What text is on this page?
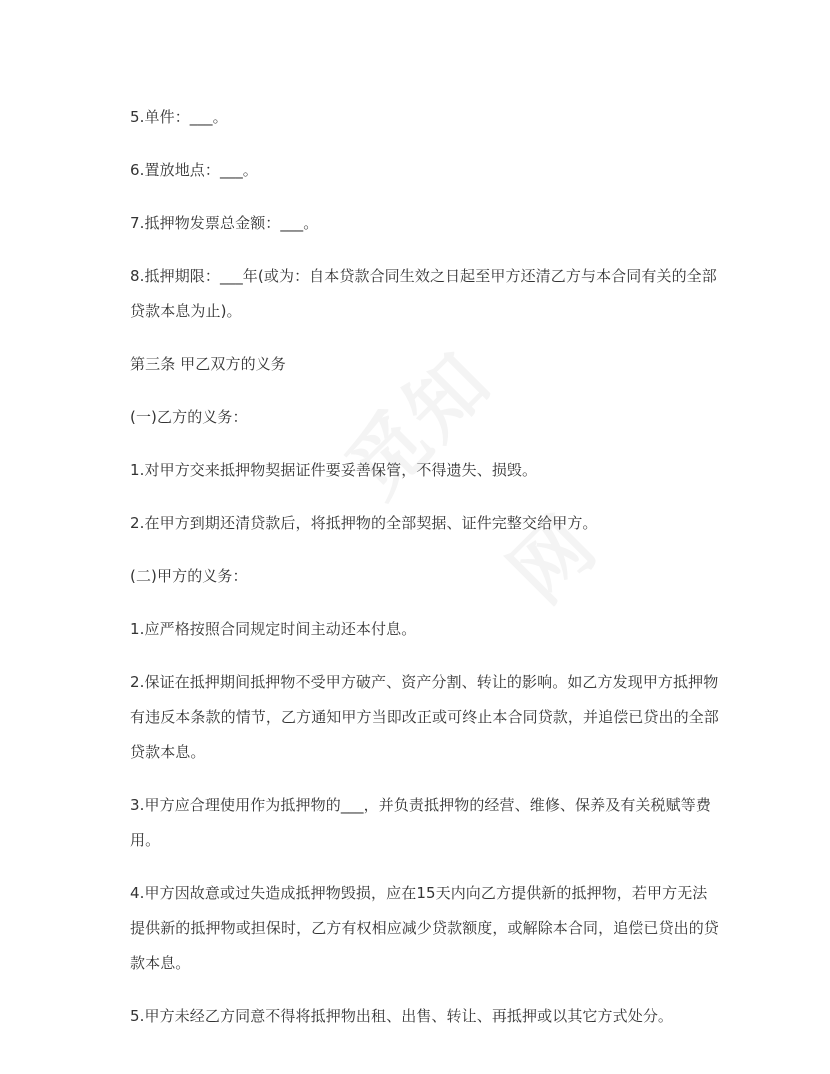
5.单件：___。

6.置放地点：___。

7.抵押物发票总金额：___。

8.抵押期限：___年(或为：自本贷款合同生效之日起至甲方还清乙方与本合同有关的全部贷款本息为止)。

第三条 甲乙双方的义务

(一)乙方的义务：

1.对甲方交来抵押物契据证件要妥善保管，不得遗失、损毁。

2.在甲方到期还清贷款后，将抵押物的全部契据、证件完整交给甲方。

(二)甲方的义务：

1.应严格按照合同规定时间主动还本付息。

2.保证在抵押期间抵押物不受甲方破产、资产分割、转让的影响。如乙方发现甲方抵押物有违反本条款的情节，乙方通知甲方当即改正或可终止本合同贷款，并追偿已贷出的全部贷款本息。

3.甲方应合理使用作为抵押物的___，并负责抵押物的经营、维修、保养及有关税赋等费用。

4.甲方因故意或过失造成抵押物毁损，应在15天内向乙方提供新的抵押物，若甲方无法提供新的抵押物或担保时，乙方有权相应减少贷款额度，或解除本合同，追偿已贷出的贷款本息。

5.甲方未经乙方同意不得将抵押物出租、出售、转让、再抵押或以其它方式处分。
